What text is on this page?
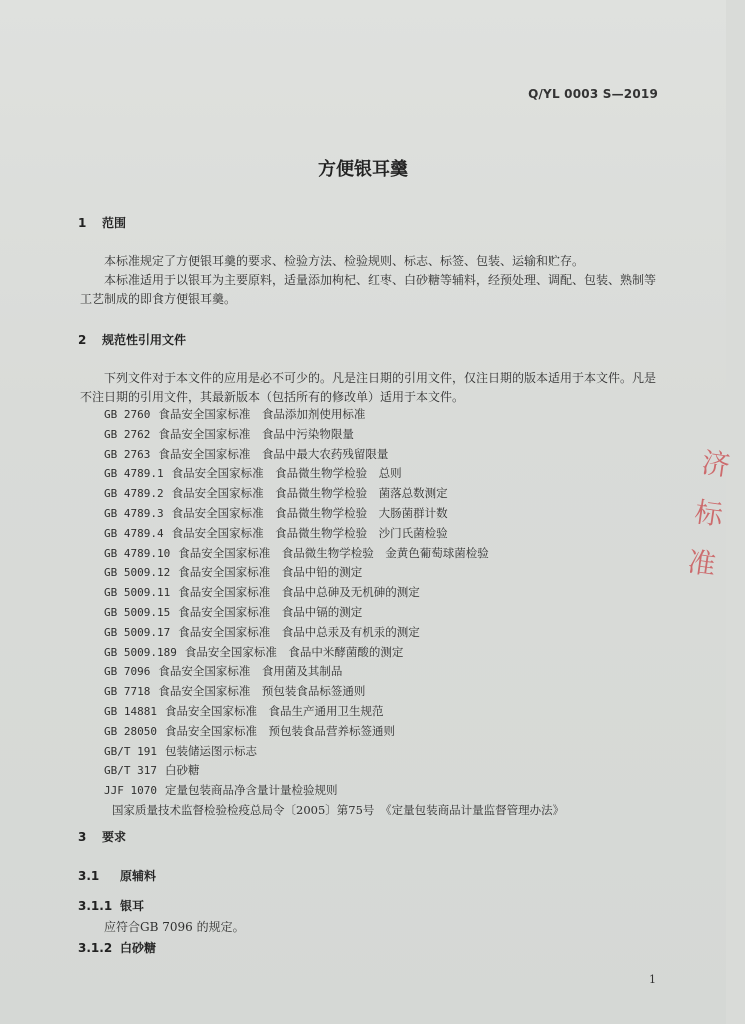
Q/YL 0003 S—2019
方便银耳羹
1 范围

本标准规定了方便银耳羹的要求、检验方法、检验规则、标志、标签、包装、运输和贮存。

本标准适用于以银耳为主要原料，适量添加枸杞、红枣、白砂糖等辅料，经预处理、调配、包装、熟制等工艺制成的即食方便银耳羹。

2 规范性引用文件

下列文件对于本文件的应用是必不可少的。凡是注日期的引用文件，仅注日期的版本适用于本文件。凡是不注日期的引用文件，其最新版本（包括所有的修改单）适用于本文件。

GB 2760 食品安全国家标准　食品添加剂使用标准
GB 2762 食品安全国家标准　食品中污染物限量
GB 2763 食品安全国家标准　食品中最大农药残留限量
GB 4789.1 食品安全国家标准　食品微生物学检验　总则
GB 4789.2 食品安全国家标准　食品微生物学检验　菌落总数测定
GB 4789.3 食品安全国家标准　食品微生物学检验　大肠菌群计数
GB 4789.4 食品安全国家标准　食品微生物学检验　沙门氏菌检验
GB 4789.10 食品安全国家标准　食品微生物学检验　金黄色葡萄球菌检验
GB 5009.12 食品安全国家标准　食品中铅的测定
GB 5009.11 食品安全国家标准　食品中总砷及无机砷的测定
GB 5009.15 食品安全国家标准　食品中镉的测定
GB 5009.17 食品安全国家标准　食品中总汞及有机汞的测定
GB 5009.189 食品安全国家标准　食品中米酵菌酸的测定
GB 7096 食品安全国家标准　食用菌及其制品
GB 7718 食品安全国家标准　预包装食品标签通则
GB 14881 食品安全国家标准　食品生产通用卫生规范
GB 28050 食品安全国家标准　预包装食品营养标签通则
GB/T 191 包装储运图示标志
GB/T 317 白砂糖
JJF 1070 定量包装商品净含量计量检验规则
国家质量技术监督检验检疫总局令〔2005〕第75号　《定量包装商品计量监督管理办法》
3 要求
3.1 原辅料
3.1.1 银耳
应符合GB 7096 的规定。
3.1.2 白砂糖
1
济 标 准
